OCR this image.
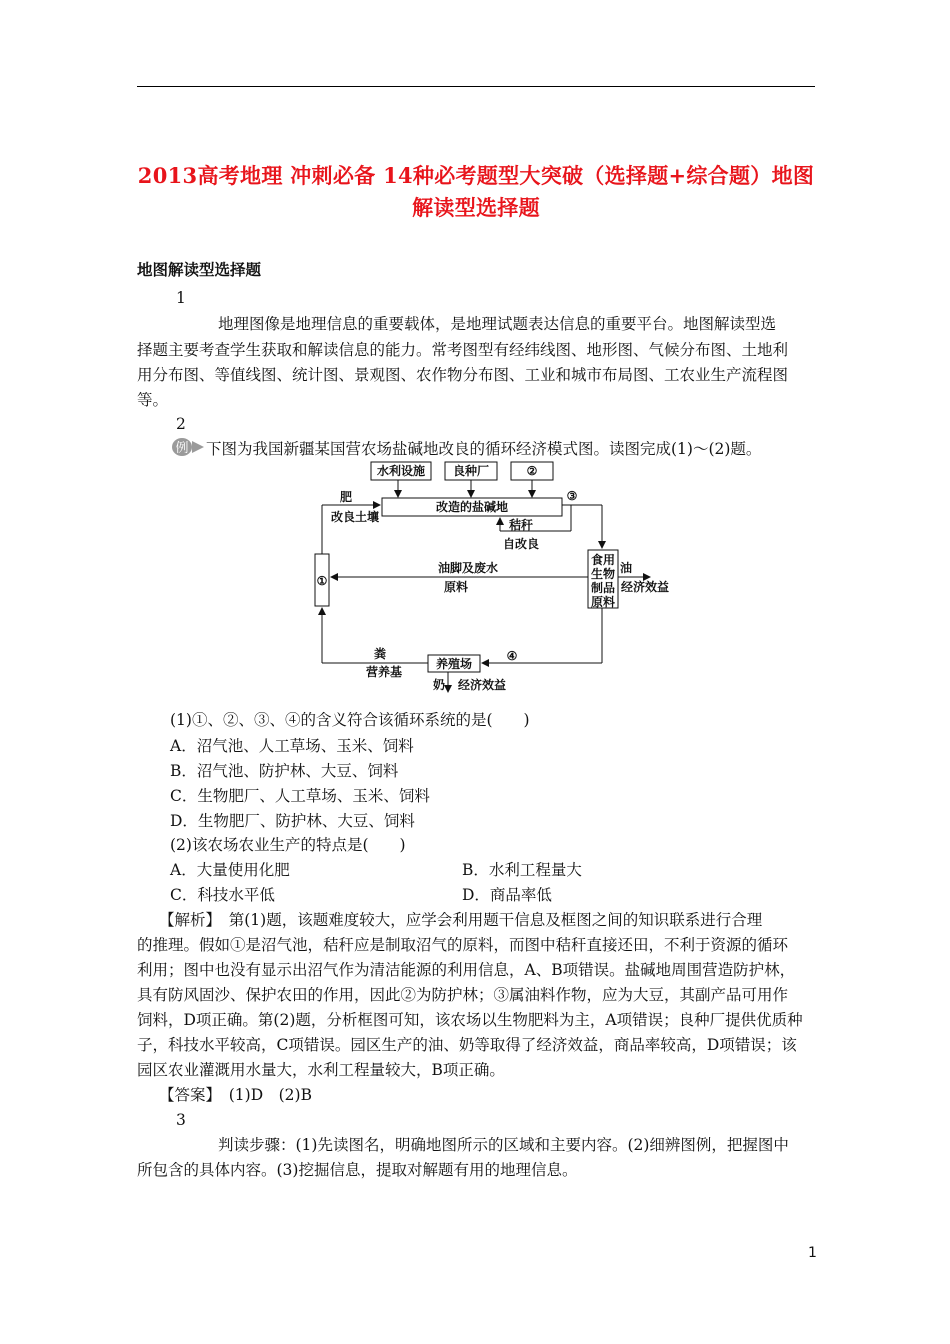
2013高考地理 冲刺必备 14种必考题型大突破（选择题+综合题）地图
解读型选择题
地图解读型选择题
1
地理图像是地理信息的重要载体，是地理试题表达信息的重要平台。地图解读型选
择题主要考查学生获取和解读信息的能力。常考图型有经纬线图、地形图、气候分布图、土地利
用分布图、等值线图、统计图、景观图、农作物分布图、工业和城市布局图、工农业生产流程图
等。
2
例 下图为我国新疆某国营农场盐碱地改良的循环经济模式图。读图完成(1)～(2)题。
水利设施 良种厂	②
改造的盐碱地
③
肥
改良土壤
秸秆
自改良
①
油脚及废水
原料
食用
生物
制品
原料
油
经济效益
④
粪
营养基
养殖场
奶 经济效益
(1)①、②、③、④的含义符合该循环系统的是(　　)
A．沼气池、人工草场、玉米、饲料
B．沼气池、防护林、大豆、饲料
C．生物肥厂、人工草场、玉米、饲料
D．生物肥厂、防护林、大豆、饲料
(2)该农场农业生产的特点是(　　)
A．大量使用化肥	B．水利工程量大
C．科技水平低	D．商品率低
【解析】　第(1)题，该题难度较大，应学会利用题干信息及框图之间的知识联系进行合理
的推理。假如①是沼气池，秸秆应是制取沼气的原料，而图中秸秆直接还田，不利于资源的循环
利用；图中也没有显示出沼气作为清洁能源的利用信息，A、B项错误。盐碱地周围营造防护林，
具有防风固沙、保护农田的作用，因此②为防护林；③属油料作物，应为大豆，其副产品可用作
饲料，D项正确。第(2)题，分析框图可知，该农场以生物肥料为主，A项错误；良种厂提供优质种
子，科技水平较高，C项错误。园区生产的油、奶等取得了经济效益，商品率较高，D项错误；该
园区农业灌溉用水量大，水利工程量较大，B项正确。
【答案】　(1)D　(2)B
3
判读步骤：(1)先读图名，明确地图所示的区域和主要内容。(2)细辨图例，把握图中
所包含的具体内容。(3)挖掘信息，提取对解题有用的地理信息。
1
